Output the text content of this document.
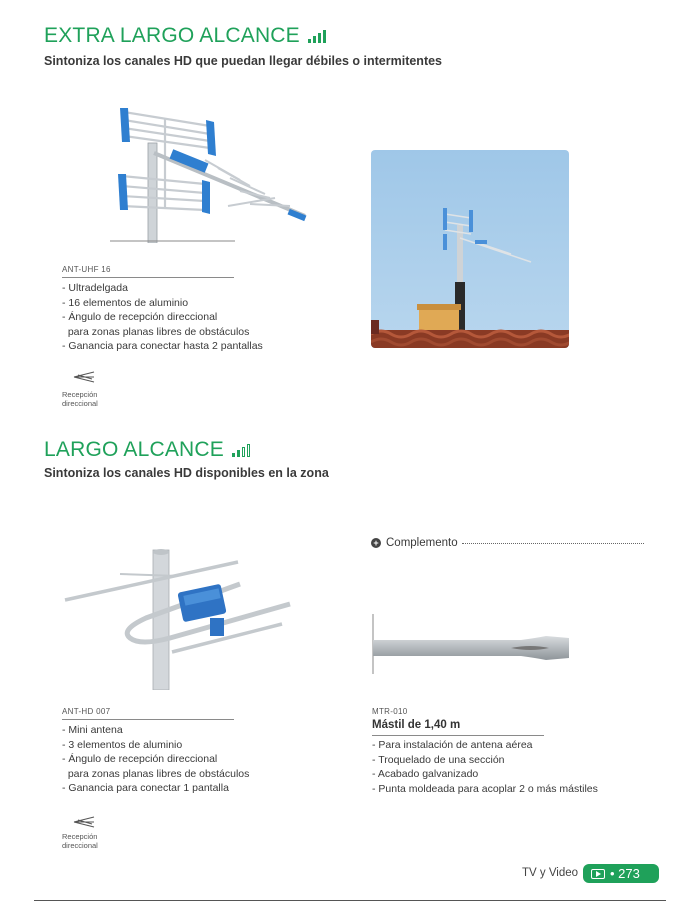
EXTRA LARGO ALCANCE
Sintoniza los canales HD que puedan llegar débiles o intermitentes
ANT-UHF 16
- Ultradelgada
- 16 elementos de aluminio
- Ángulo de recepción direccional
para zonas planas libres de obstáculos
- Ganancia para conectar hasta 2 pantallas
Recepción
direccional
LARGO ALCANCE
Sintoniza los canales HD disponibles en la zona
ANT-HD 007
- Mini antena
- 3 elementos de aluminio
- Ángulo de recepción direccional
para zonas planas libres de obstáculos
- Ganancia para conectar 1 pantalla
Recepción
direccional
+ Complemento
MTR-010
Mástil de 1,40 m
- Para instalación de antena aérea
- Troquelado de una sección
- Acabado galvanizado
- Punta moldeada para acoplar 2 o más mástiles
TV y Video • 273
